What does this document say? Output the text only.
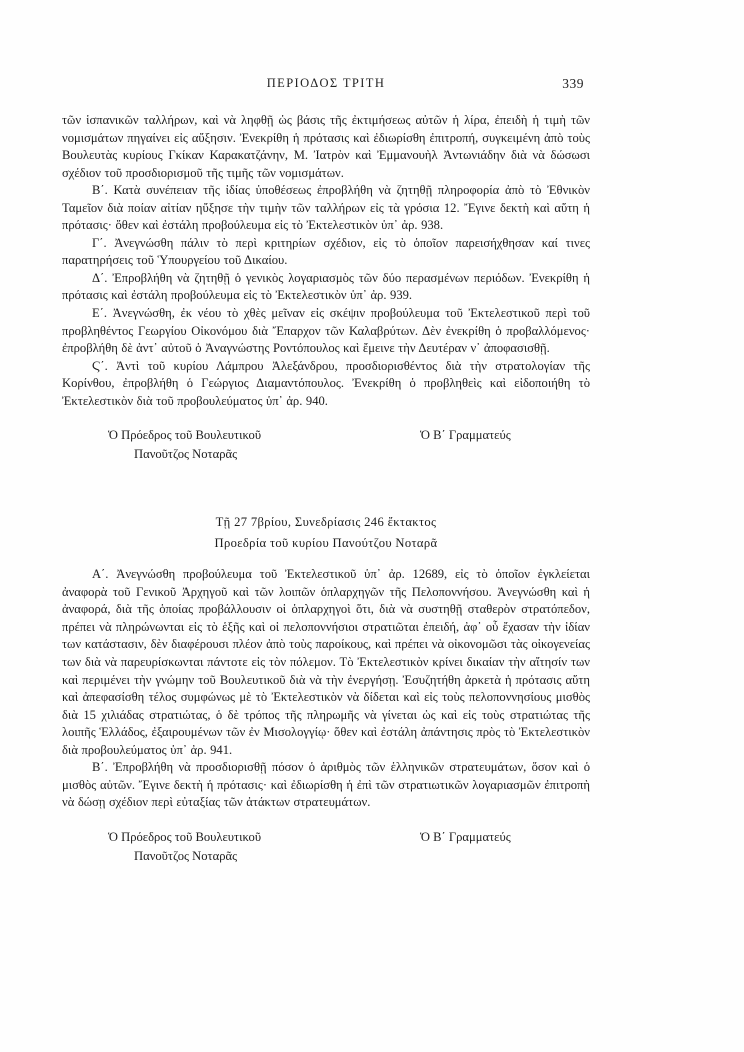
ΠΕΡΙΟΔΟΣ ΤΡΙΤΗ	339

τῶν ἱσπανικῶν ταλλήρων, καὶ νὰ ληφθῇ ὡς βάσις τῆς ἐκτιμήσεως αὐτῶν ἡ λίρα, ἐπειδὴ ἡ τιμὴ τῶν νομισμάτων πηγαίνει εἰς αὔξησιν. Ἐνεκρίθη ἡ πρότασις καὶ ἐδιωρίσθη ἐπιτροπή, συγκειμένη ἀπὸ τοὺς Βουλευτὰς κυρίους Γκίκαν Καρακατζάνην, Μ. Ἰατρὸν καὶ Ἐμμανουὴλ Ἀντωνιάδην διὰ νὰ δώσωσι σχέδιον τοῦ προσδιορισμοῦ τῆς τιμῆς τῶν νομισμάτων.

Β΄. Κατὰ συνέπειαν τῆς ἰδίας ὑποθέσεως ἐπροβλήθη νὰ ζητηθῇ πληροφορία ἀπὸ τὸ Ἐθνικὸν Ταμεῖον διὰ ποίαν αἰτίαν ηὔξησε τὴν τιμὴν τῶν ταλλήρων εἰς τὰ γρόσια 12. Ἔγινε δεκτὴ καὶ αὕτη ἡ πρότασις· ὅθεν καὶ ἐστάλη προβούλευμα εἰς τὸ Ἐκτελεστικὸν ὑπ᾽ ἀρ. 938.

Γ΄. Ἀνεγνώσθη πάλιν τὸ περὶ κριτηρίων σχέδιον, εἰς τὸ ὁποῖον παρεισήχθησαν καί τινες παρατηρήσεις τοῦ Ὑπουργείου τοῦ Δικαίου.

Δ΄. Ἐπροβλήθη νὰ ζητηθῇ ὁ γενικὸς λογαριασμὸς τῶν δύο περασμένων περιόδων. Ἐνεκρίθη ἡ πρότασις καὶ ἐστάλη προβούλευμα εἰς τὸ Ἐκτελεστικὸν ὑπ᾽ ἀρ. 939.

Ε΄. Ἀνεγνώσθη, ἐκ νέου τὸ χθὲς μεῖναν εἰς σκέψιν προβούλευμα τοῦ Ἐκτελεστικοῦ περὶ τοῦ προβληθέντος Γεωργίου Οἰκονόμου διὰ Ἔπαρχον τῶν Καλαβρύτων. Δὲν ἐνεκρίθη ὁ προβαλλόμενος· ἐπροβλήθη δὲ ἀντ᾽ αὐτοῦ ὁ Ἀναγνώστης Ροντόπουλος καὶ ἔμεινε τὴν Δευτέραν ν᾽ ἀποφασισθῇ.

Ϛ΄. Ἀντὶ τοῦ κυρίου Λάμπρου Ἀλεξάνδρου, προσδιορισθέντος διὰ τὴν στρατολογίαν τῆς Κορίνθου, ἐπροβλήθη ὁ Γεώργιος Διαμαντόπουλος. Ἐνεκρίθη ὁ προβληθεὶς καὶ εἰδοποιήθη τὸ Ἐκτελεστικὸν διὰ τοῦ προβουλεύματος ὑπ᾽ ἀρ. 940.

Ὁ Πρόεδρος τοῦ Βουλευτικοῦ
Πανοῦτζος Νοταρᾶς
Ὁ Β΄ Γραμματεύς
Τῇ 27 7βρίου, Συνεδρίασις 246 ἔκτακτος
Προεδρία τοῦ κυρίου Πανούτζου Νοταρᾶ

Α΄. Ἀνεγνώσθη προβούλευμα τοῦ Ἐκτελεστικοῦ ὑπ᾽ ἀρ. 12689, εἰς τὸ ὁποῖον ἐγκλείεται ἀναφορὰ τοῦ Γενικοῦ Ἀρχηγοῦ καὶ τῶν λοιπῶν ὁπλαρχηγῶν τῆς Πελοποννήσου. Ἀνεγνώσθη καὶ ἡ ἀναφορά, διὰ τῆς ὁποίας προβάλλουσιν οἱ ὁπλαρχηγοὶ ὅτι, διὰ νὰ συστηθῇ σταθερὸν στρατόπεδον, πρέπει νὰ πληρώνωνται εἰς τὸ ἑξῆς καὶ οἱ πελοποννήσιοι στρατιῶται ἐπειδή, ἀφ᾽ οὗ ἔχασαν τὴν ἰδίαν των κατάστασιν, δὲν διαφέρουσι πλέον ἀπὸ τοὺς παροίκους, καὶ πρέπει νὰ οἰκονομῶσι τὰς οἰκογενείας των διὰ νὰ παρευρίσκωνται πάντοτε εἰς τὸν πόλεμον. Τὸ Ἐκτελεστικὸν κρίνει δικαίαν τὴν αἴτησίν των καὶ περιμένει τὴν γνώμην τοῦ Βουλευτικοῦ διὰ νὰ τὴν ἐνεργήσῃ. Ἐσυζητήθη ἀρκετὰ ἡ πρότασις αὕτη καὶ ἀπεφασίσθη τέλος συμφώνως μὲ τὸ Ἐκτελεστικὸν νὰ δίδεται καὶ εἰς τοὺς πελοποννησίους μισθὸς διὰ 15 χιλιάδας στρατιώτας, ὁ δὲ τρόπος τῆς πληρωμῆς νὰ γίνεται ὡς καὶ εἰς τοὺς στρατιώτας τῆς λοιπῆς Ἑλλάδος, ἐξαιρουμένων τῶν ἐν Μισολογγίῳ· ὅθεν καὶ ἐστάλη ἀπάντησις πρὸς τὸ Ἐκτελεστικὸν διὰ προβουλεύματος ὑπ᾽ ἀρ. 941.

Β΄. Ἐπροβλήθη νὰ προσδιορισθῇ πόσον ὁ ἀριθμὸς τῶν ἑλληνικῶν στρατευμάτων, ὅσον καὶ ὁ μισθὸς αὐτῶν. Ἔγινε δεκτὴ ἡ πρότασις· καὶ ἐδιωρίσθη ἡ ἐπὶ τῶν στρατιωτικῶν λογαριασμῶν ἐπιτροπὴ νὰ δώσῃ σχέδιον περὶ εὐταξίας τῶν ἀτάκτων στρατευμάτων.

Ὁ Πρόεδρος τοῦ Βουλευτικοῦ
Πανοῦτζος Νοταρᾶς
Ὁ Β΄ Γραμματεύς
